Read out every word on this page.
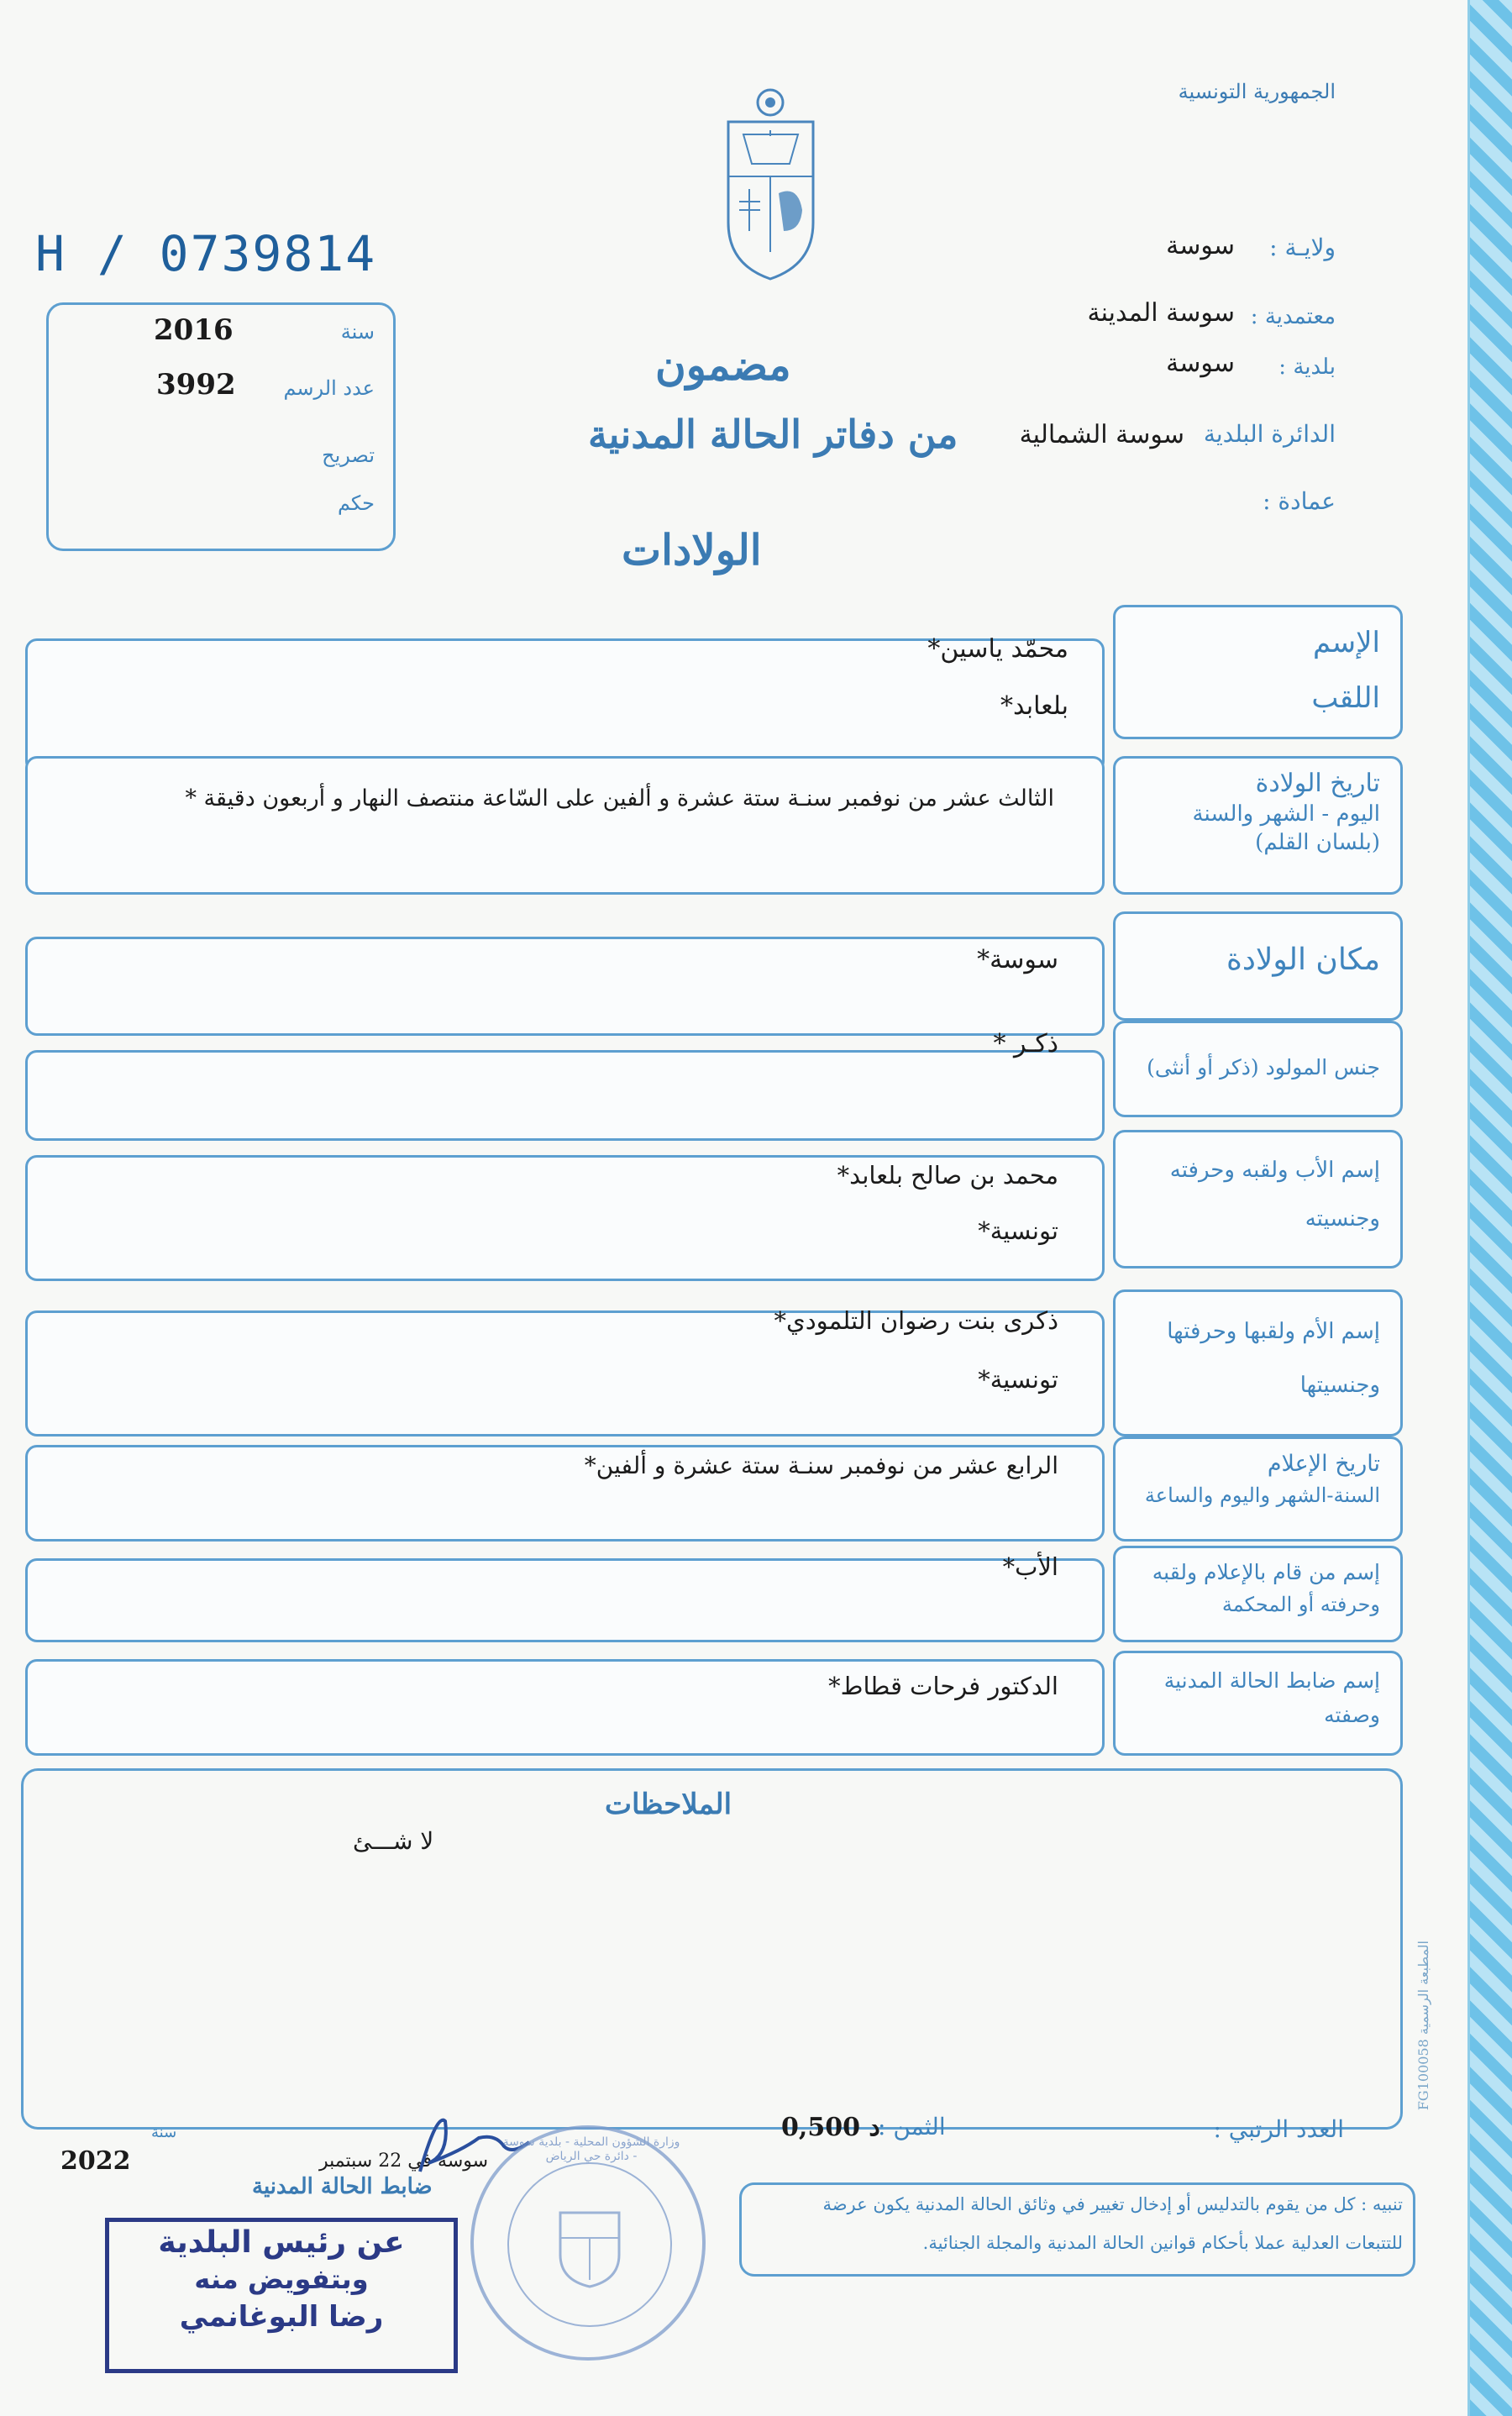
الجمهورية التونسية
H / 0739814
سنة
2016
عدد الرسم
3992
تصريح
حكم
ولايـة :
سوسة
معتمدية :
سوسة المدينة
بلدية :
سوسة
الدائرة البلدية
سوسة الشمالية
عمادة :
مضمون
من دفاتر الحالة المدنية
الولادات
الإسم
اللقب
محمّد ياسين*
بلعابد*
تاريخ الولادة
اليوم - الشهر والسنة
(بلسان القلم)
الثالث عشر من نوفمبر سنـة ستة عشرة و ألفين على السّاعة منتصف النهار و أربعون دقيقة *
مكان الولادة
سوسة*
جنس المولود (ذكر أو أنثى)
ذكـر *
إسم الأب ولقبه وحرفته
وجنسيته
محمد بن صالح بلعابد*
تونسية*
إسم الأم ولقبها وحرفتها
وجنسيتها
ذكرى بنت رضوان التلمودي*
تونسية*
تاريخ الإعلام
السنة-الشهر واليوم والساعة
الرابع عشر من نوفمبر سنـة ستة عشرة و ألفين*
إسم من قام بالإعلام ولقبه
وحرفته أو المحكمة
الأب*
إسم ضابط الحالة المدنية
وصفته
الدكتور فرحات قطاط*
الملاحظات
لا شـــئ
المطبعة الرسمية FG100058
العدد الرتبي :
الثمن :
0,500 د
سنة
2022	سوسة في 22 سبتمبر
ضابط الحالة المدنية
عن رئيس البلدية
وبتفويض منه
رضا البوغانمي
وزارة الشؤون المحلية - بلدية سوسة - دائرة حي الرياض
تنبيه : كل من يقوم بالتدليس أو إدخال تغيير في وثائق الحالة المدنية يكون عرضة
للتتبعات العدلية عملا بأحكام قوانين الحالة المدنية والمجلة الجنائية.
